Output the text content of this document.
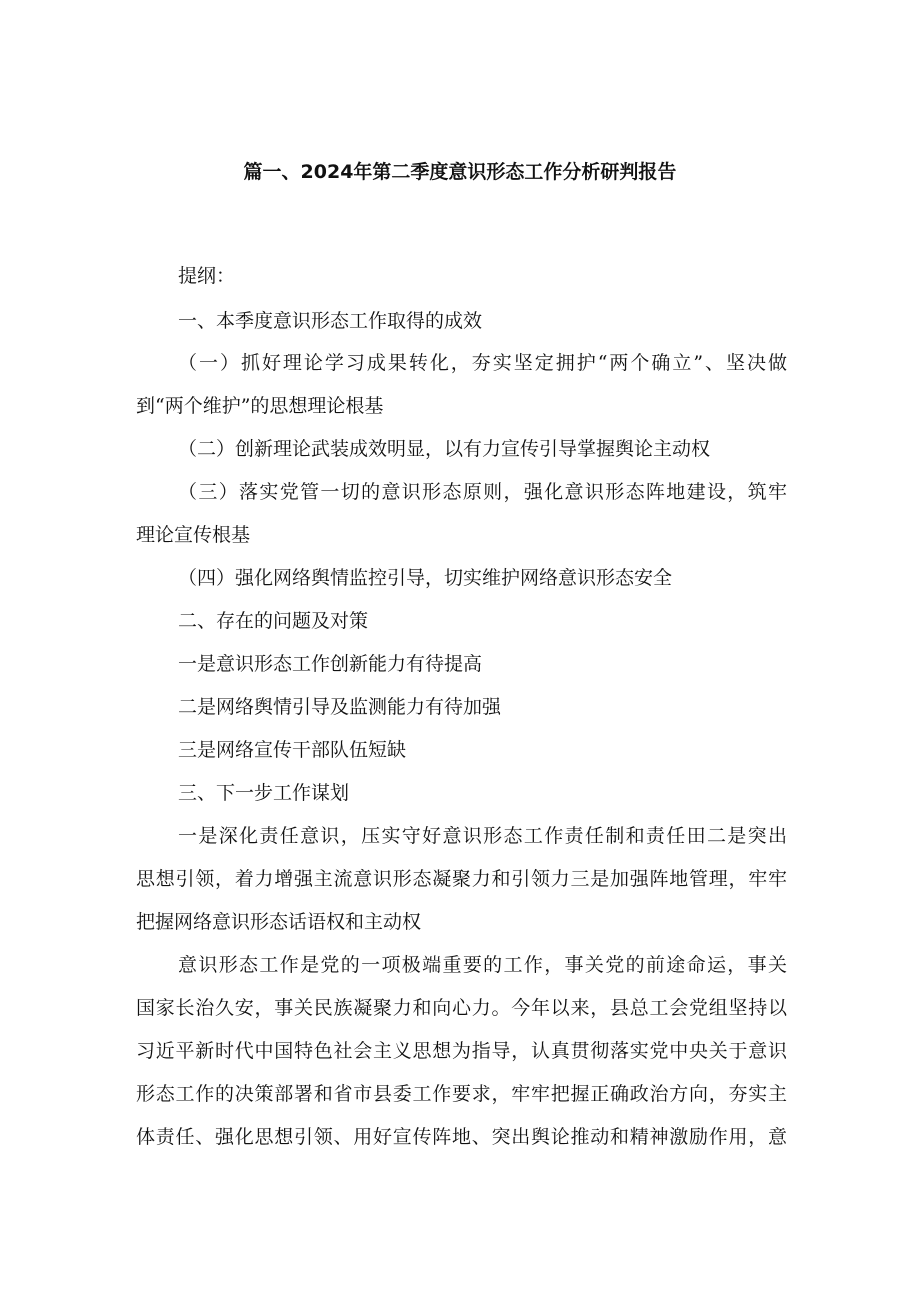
篇一、2024年第二季度意识形态工作分析研判报告
提纲：
一、本季度意识形态工作取得的成效
（一）抓好理论学习成果转化，夯实坚定拥护“两个确立”、坚决做
到“两个维护”的思想理论根基
（二）创新理论武装成效明显，以有力宣传引导掌握舆论主动权
（三）落实党管一切的意识形态原则，强化意识形态阵地建设，筑牢
理论宣传根基
（四）强化网络舆情监控引导，切实维护网络意识形态安全
二、存在的问题及对策
一是意识形态工作创新能力有待提高
二是网络舆情引导及监测能力有待加强
三是网络宣传干部队伍短缺
三、下一步工作谋划
一是深化责任意识，压实守好意识形态工作责任制和责任田二是突出
思想引领，着力增强主流意识形态凝聚力和引领力三是加强阵地管理，牢牢
把握网络意识形态话语权和主动权
意识形态工作是党的一项极端重要的工作，事关党的前途命运，事关
国家长治久安，事关民族凝聚力和向心力。今年以来，县总工会党组坚持以
习近平新时代中国特色社会主义思想为指导，认真贯彻落实党中央关于意识
形态工作的决策部署和省市县委工作要求，牢牢把握正确政治方向，夯实主
体责任、强化思想引领、用好宣传阵地、突出舆论推动和精神激励作用，意
